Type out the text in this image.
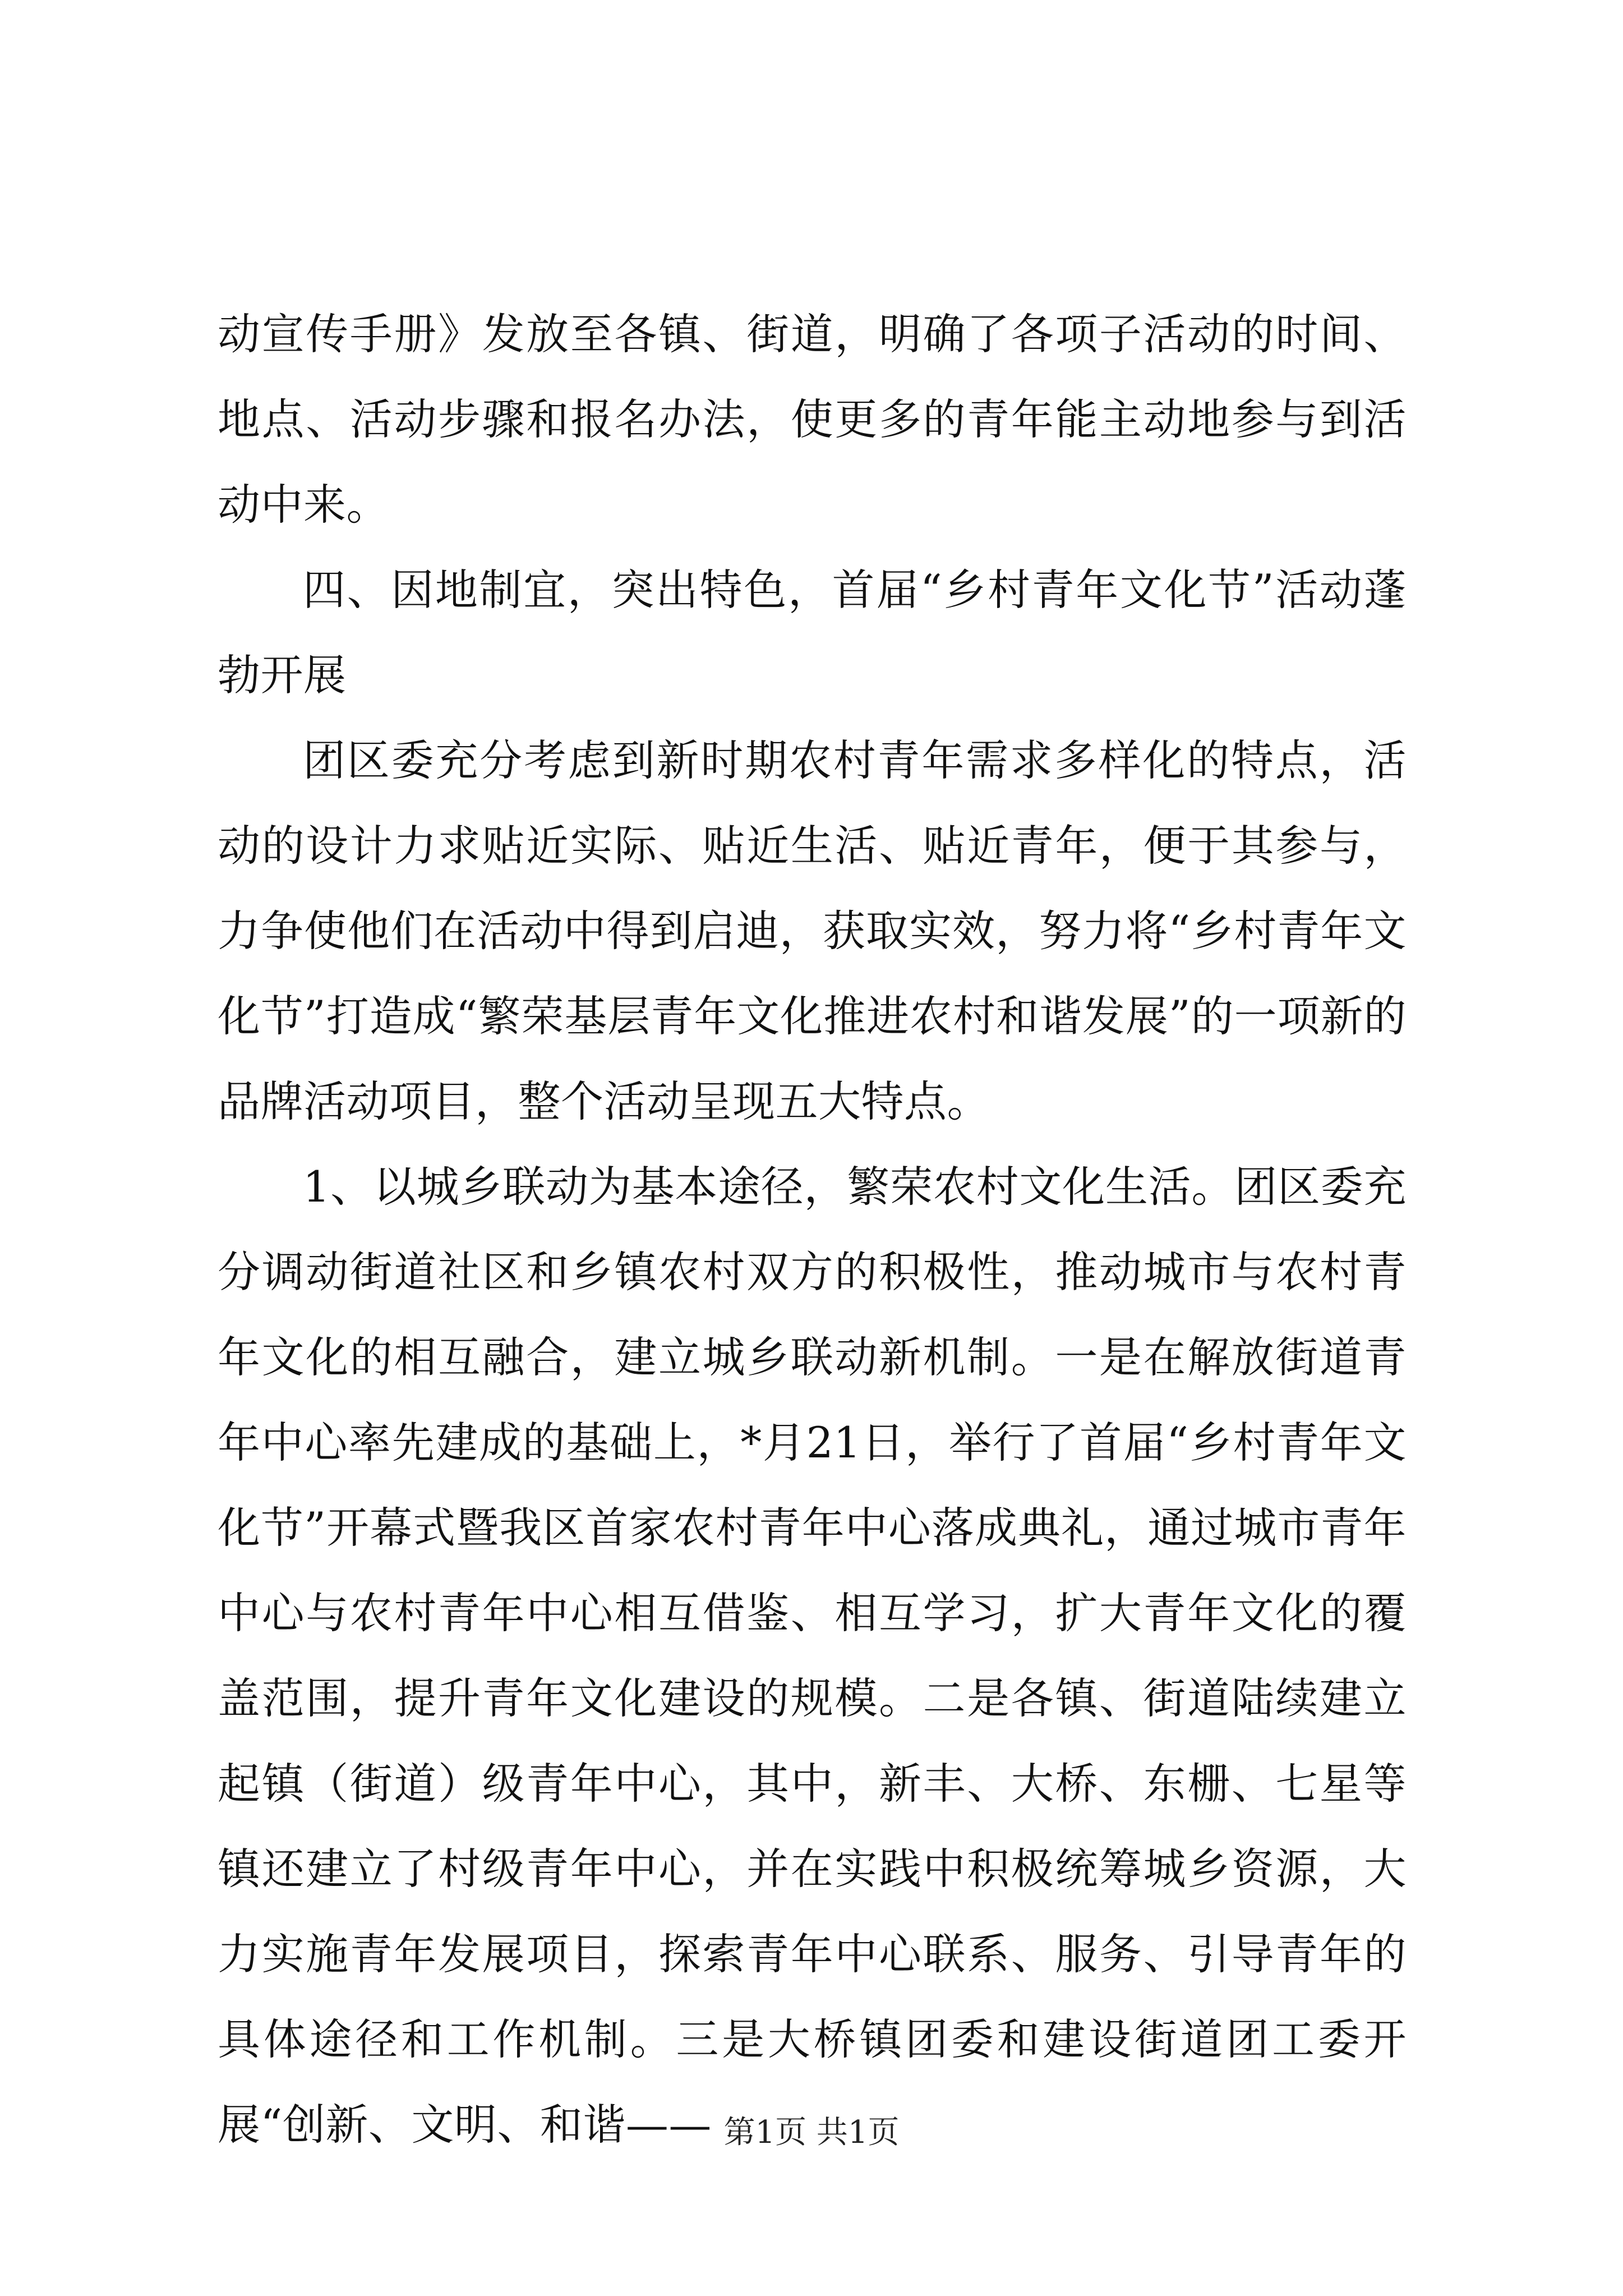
动宣传手册》发放至各镇、街道，明确了各项子活动的时间、地点、活动步骤和报名办法，使更多的青年能主动地参与到活动中来。

四、因地制宜，突出特色，首届“乡村青年文化节”活动蓬勃开展

团区委充分考虑到新时期农村青年需求多样化的特点，活动的设计力求贴近实际、贴近生活、贴近青年，便于其参与，力争使他们在活动中得到启迪，获取实效，努力将“乡村青年文化节”打造成“繁荣基层青年文化推进农村和谐发展”的一项新的品牌活动项目，整个活动呈现五大特点。

1、以城乡联动为基本途径，繁荣农村文化生活。团区委充分调动街道社区和乡镇农村双方的积极性，推动城市与农村青年文化的相互融合，建立城乡联动新机制。一是在解放街道青年中心率先建成的基础上，*月21日，举行了首届“乡村青年文化节”开幕式暨我区首家农村青年中心落成典礼，通过城市青年中心与农村青年中心相互借鉴、相互学习，扩大青年文化的覆盖范围，提升青年文化建设的规模。二是各镇、街道陆续建立起镇（街道）级青年中心，其中，新丰、大桥、东栅、七星等镇还建立了村级青年中心，并在实践中积极统筹城乡资源，大力实施青年发展项目，探索青年中心联系、服务、引导青年的具体途径和工作机制。三是大桥镇团委和建设街道团工委开展“创新、文明、和谐—— 第1页 共1页
